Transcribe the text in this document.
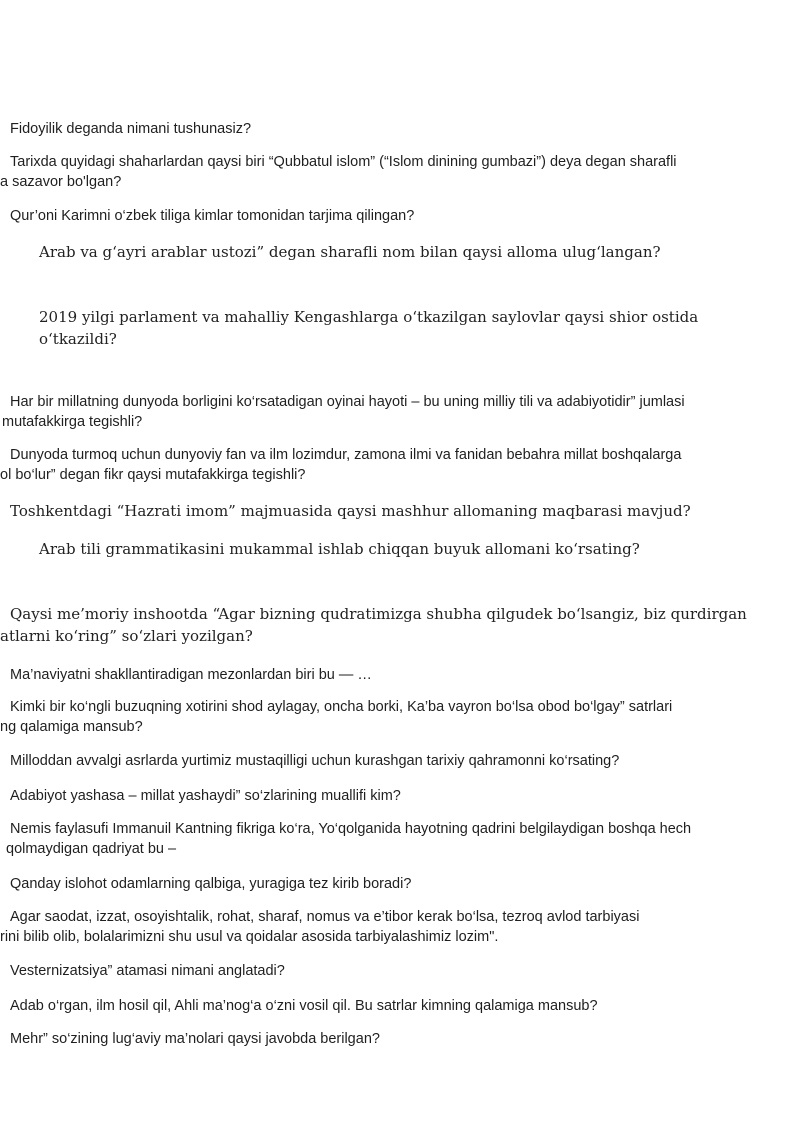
Fidoyilik deganda nimani tushunasiz?
Tarixda quyidagi shaharlardan qaysi biri “Qubbatul islom” (“Islom dinining gumbazi”) deya degan sharafli
a sazavor bo'lgan?
Qur’oni Karimni o‘zbek tiliga kimlar tomonidan tarjima qilingan?
Arab va g‘ayri arablar ustozi” degan sharafli nom bilan qaysi alloma ulug‘langan?
2019 yilgi parlament va mahalliy Kengashlarga o‘tkazilgan saylovlar qaysi shior ostida
o‘tkazildi?
Har bir millatning dunyoda borligini ko‘rsatadigan oyinai hayoti – bu uning milliy tili va adabiyotidir” jumlasi
mutafakkirga tegishli?
Dunyoda turmoq uchun dunyoviy fan va ilm lozimdur, zamona ilmi va fanidan bebahra millat boshqalarga
ol bo‘lur” degan fikr qaysi mutafakkirga tegishli?
Toshkentdagi “Hazrati imom” majmuasida qaysi mashhur allomaning maqbarasi mavjud?
Arab tili grammatikasini mukammal ishlab chiqqan buyuk allomani ko‘rsating?
Qaysi me’moriy inshootda “Agar bizning qudratimizga shubha qilgudek bo‘lsangiz, biz qurdirgan
atlarni ko‘ring” so‘zlari yozilgan?
Ma’naviyatni shakllantiradigan mezonlardan biri bu — …
Kimki bir ko‘ngli buzuqning xotirini shod aylagay, oncha borki, Ka’ba vayron bo‘lsa obod bo‘lgay” satrlari
ng qalamiga mansub?
Milloddan avvalgi asrlarda yurtimiz mustaqilligi uchun kurashgan tarixiy qahramonni ko‘rsating?
Adabiyot yashasa – millat yashaydi” so‘zlarining muallifi kim?
Nemis faylasufi Immanuil Kantning fikriga ko‘ra, Yo‘qolganida hayotning qadrini belgilaydigan boshqa hech
qolmaydigan qadriyat bu –
Qanday islohot odamlarning qalbiga, yuragiga tez kirib boradi?
Agar saodat, izzat, osoyishtalik, rohat, sharaf, nomus va e’tibor kerak bo‘lsa, tezroq avlod tarbiyasi
rini bilib olib, bolalarimizni shu usul va qoidalar asosida tarbiyalashimiz lozim".
Vesternizatsiya” atamasi nimani anglatadi?
Adab o‘rgan, ilm hosil qil, Ahli ma’nog‘a o‘zni vosil qil. Bu satrlar kimning qalamiga mansub?
Mehr” so‘zining lug‘aviy ma’nolari qaysi javobda berilgan?
